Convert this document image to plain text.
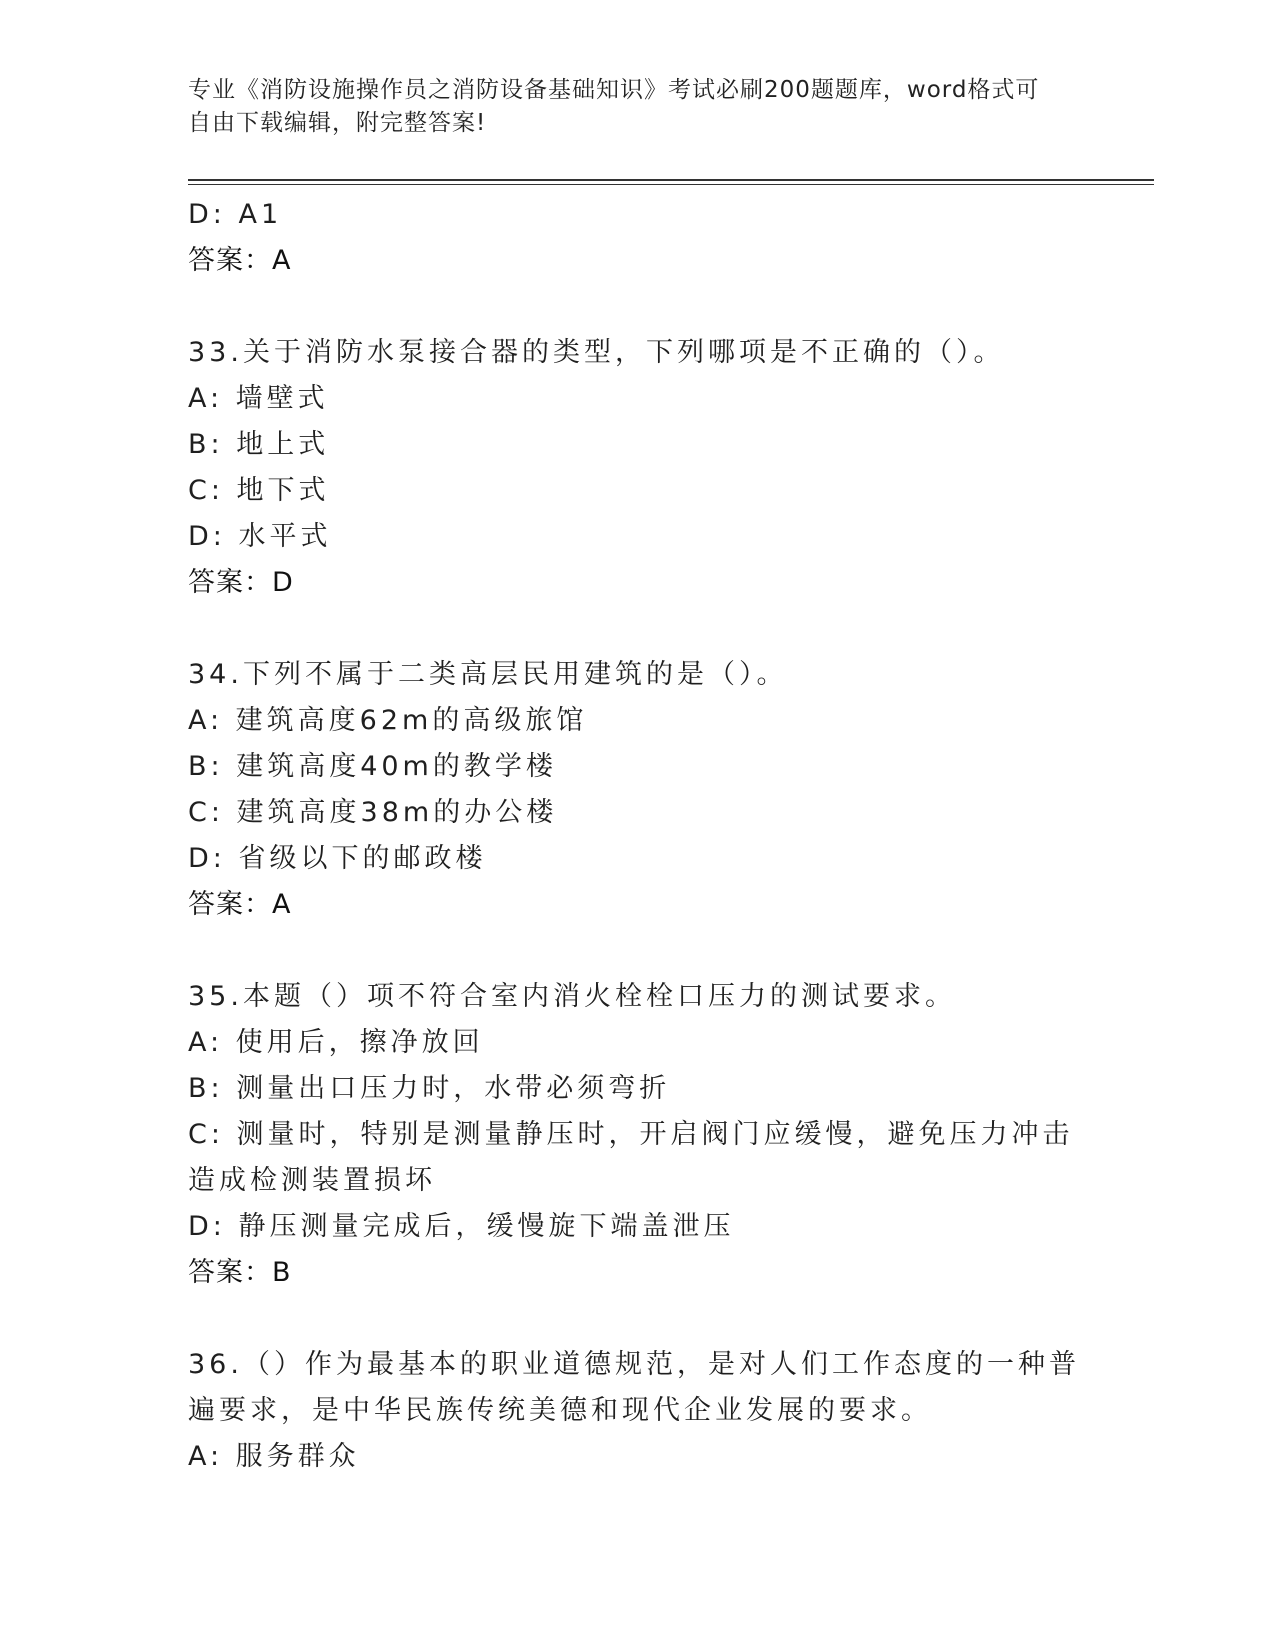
专业《消防设施操作员之消防设备基础知识》考试必刷200题题库，word格式可
自由下载编辑，附完整答案!
D: A1
答案：A
33.关于消防水泵接合器的类型，下列哪项是不正确的（）。
A: 墙壁式
B: 地上式
C: 地下式
D: 水平式
答案：D
34.下列不属于二类高层民用建筑的是（）。
A: 建筑高度62m的高级旅馆
B: 建筑高度40m的教学楼
C: 建筑高度38m的办公楼
D: 省级以下的邮政楼
答案：A
35.本题（）项不符合室内消火栓栓口压力的测试要求。
A: 使用后，擦净放回
B: 测量出口压力时，水带必须弯折
C: 测量时，特别是测量静压时，开启阀门应缓慢，避免压力冲击造成检测装置损坏
D: 静压测量完成后，缓慢旋下端盖泄压
答案：B
36.（）作为最基本的职业道德规范，是对人们工作态度的一种普遍要求，是中华民族传统美德和现代企业发展的要求。
A: 服务群众
